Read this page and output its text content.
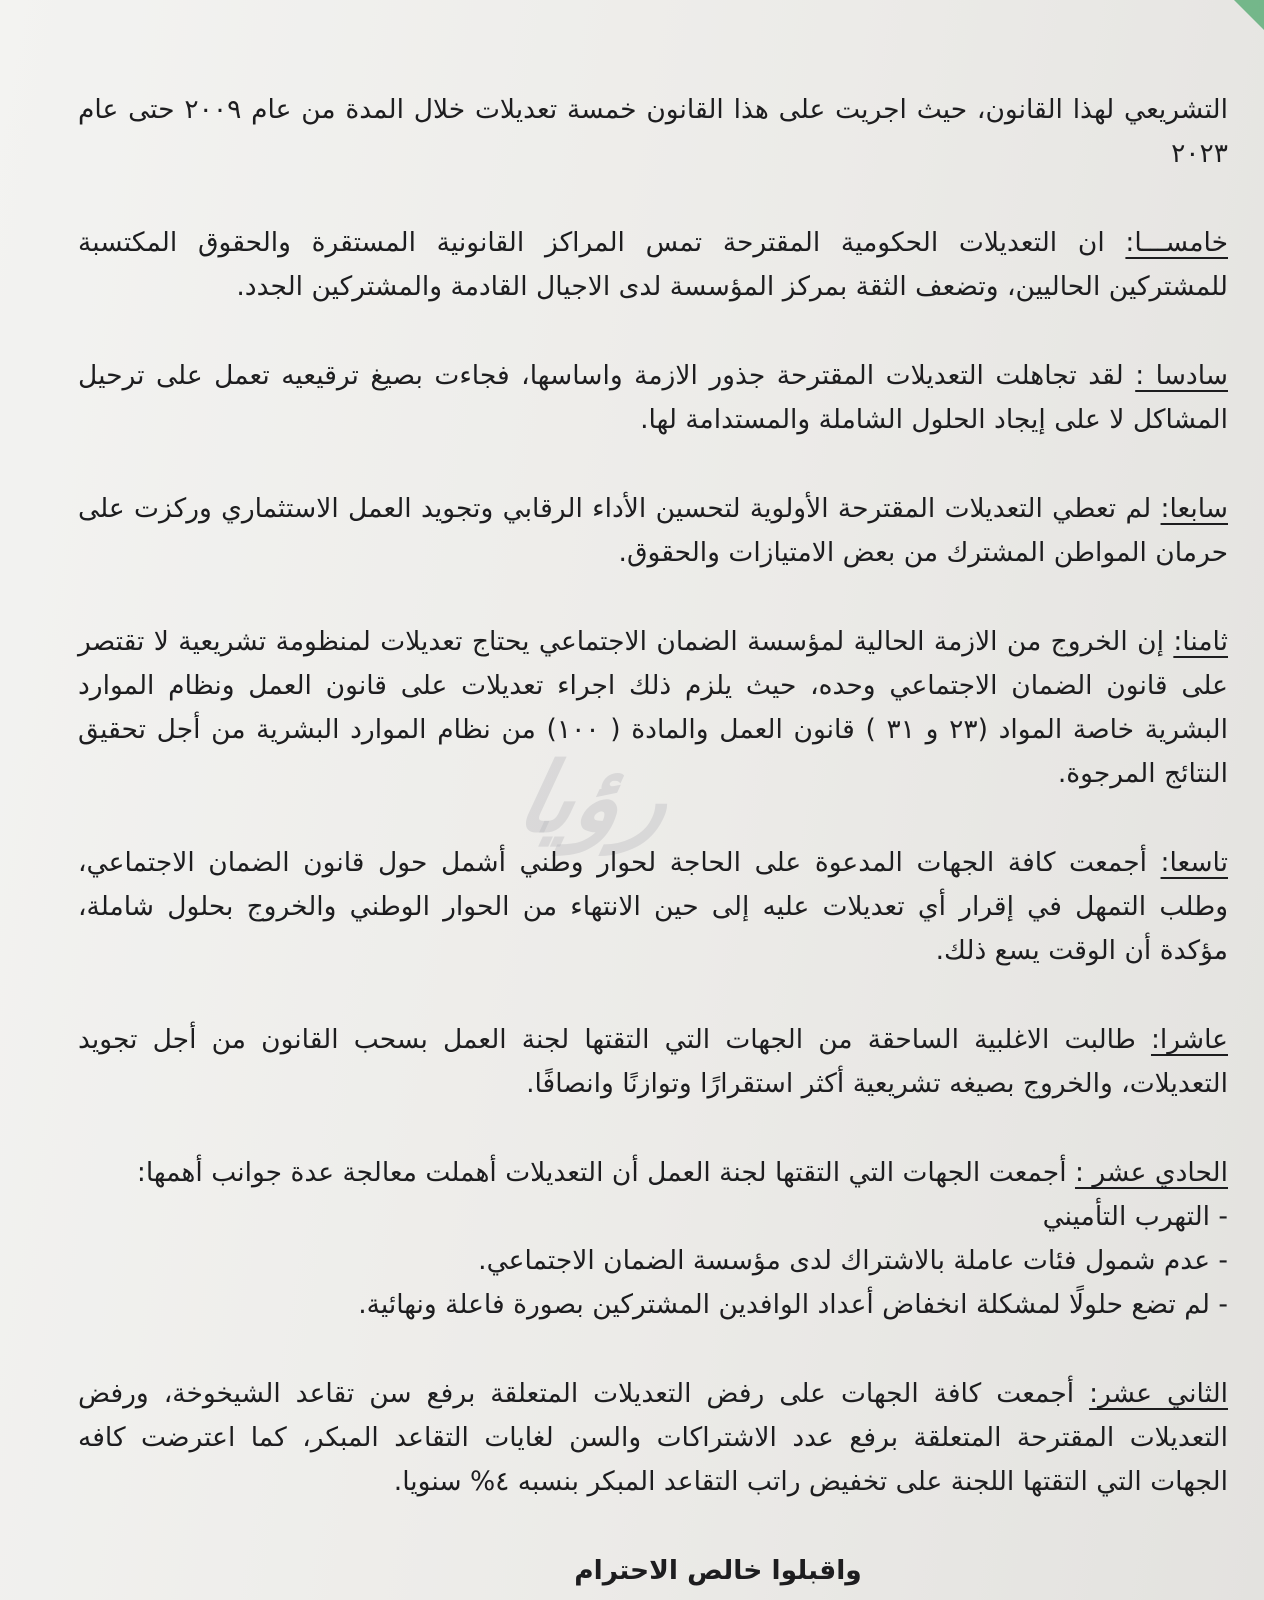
رؤيا

التشريعي لهذا القانون، حيث اجريت على هذا القانون خمسة تعديلات خلال المدة من عام ٢٠٠٩ حتى عام ٢٠٢٣

خامســـا: ان التعديلات الحكومية المقترحة تمس المراكز القانونية المستقرة والحقوق المكتسبة للمشتركين الحاليين، وتضعف الثقة بمركز المؤسسة لدى الاجيال القادمة والمشتركين الجدد.

سادسا : لقد تجاهلت التعديلات المقترحة جذور الازمة واساسها، فجاءت بصيغ ترقيعيه تعمل على ترحيل المشاكل لا على إيجاد الحلول الشاملة والمستدامة لها.

سابعا: لم تعطي التعديلات المقترحة الأولوية لتحسين الأداء الرقابي وتجويد العمل الاستثماري وركزت على حرمان المواطن المشترك من بعض الامتيازات والحقوق.

ثامنا: إن الخروج من الازمة الحالية لمؤسسة الضمان الاجتماعي يحتاج تعديلات لمنظومة تشريعية لا تقتصر على قانون الضمان الاجتماعي وحده، حيث يلزم ذلك اجراء تعديلات على قانون العمل ونظام الموارد البشرية خاصة المواد (٢٣ و ٣١ ) قانون العمل والمادة ( ١٠٠) من نظام الموارد البشرية من أجل تحقيق النتائج المرجوة.

تاسعا: أجمعت كافة الجهات المدعوة على الحاجة لحوار وطني أشمل حول قانون الضمان الاجتماعي، وطلب التمهل في إقرار أي تعديلات عليه إلى حين الانتهاء من الحوار الوطني والخروج بحلول شاملة، مؤكدة أن الوقت يسع ذلك.

عاشرا: طالبت الاغلبية الساحقة من الجهات التي التقتها لجنة العمل بسحب القانون من أجل تجويد التعديلات، والخروج بصيغه تشريعية أكثر استقرارًا وتوازنًا وانصافًا.

الحادي عشر : أجمعت الجهات التي التقتها لجنة العمل أن التعديلات أهملت معالجة عدة جوانب أهمها:
- التهرب التأميني
- عدم شمول فئات عاملة بالاشتراك لدى مؤسسة الضمان الاجتماعي.
- لم تضع حلولًا لمشكلة انخفاض أعداد الوافدين المشتركين بصورة فاعلة ونهائية.

الثاني عشر: أجمعت كافة الجهات على رفض التعديلات المتعلقة برفع سن تقاعد الشيخوخة، ورفض التعديلات المقترحة المتعلقة برفع عدد الاشتراكات والسن لغايات التقاعد المبكر، كما اعترضت كافه الجهات التي التقتها اللجنة على تخفيض راتب التقاعد المبكر بنسبه ٤% سنويا.

واقبلوا خالص الاحترام
